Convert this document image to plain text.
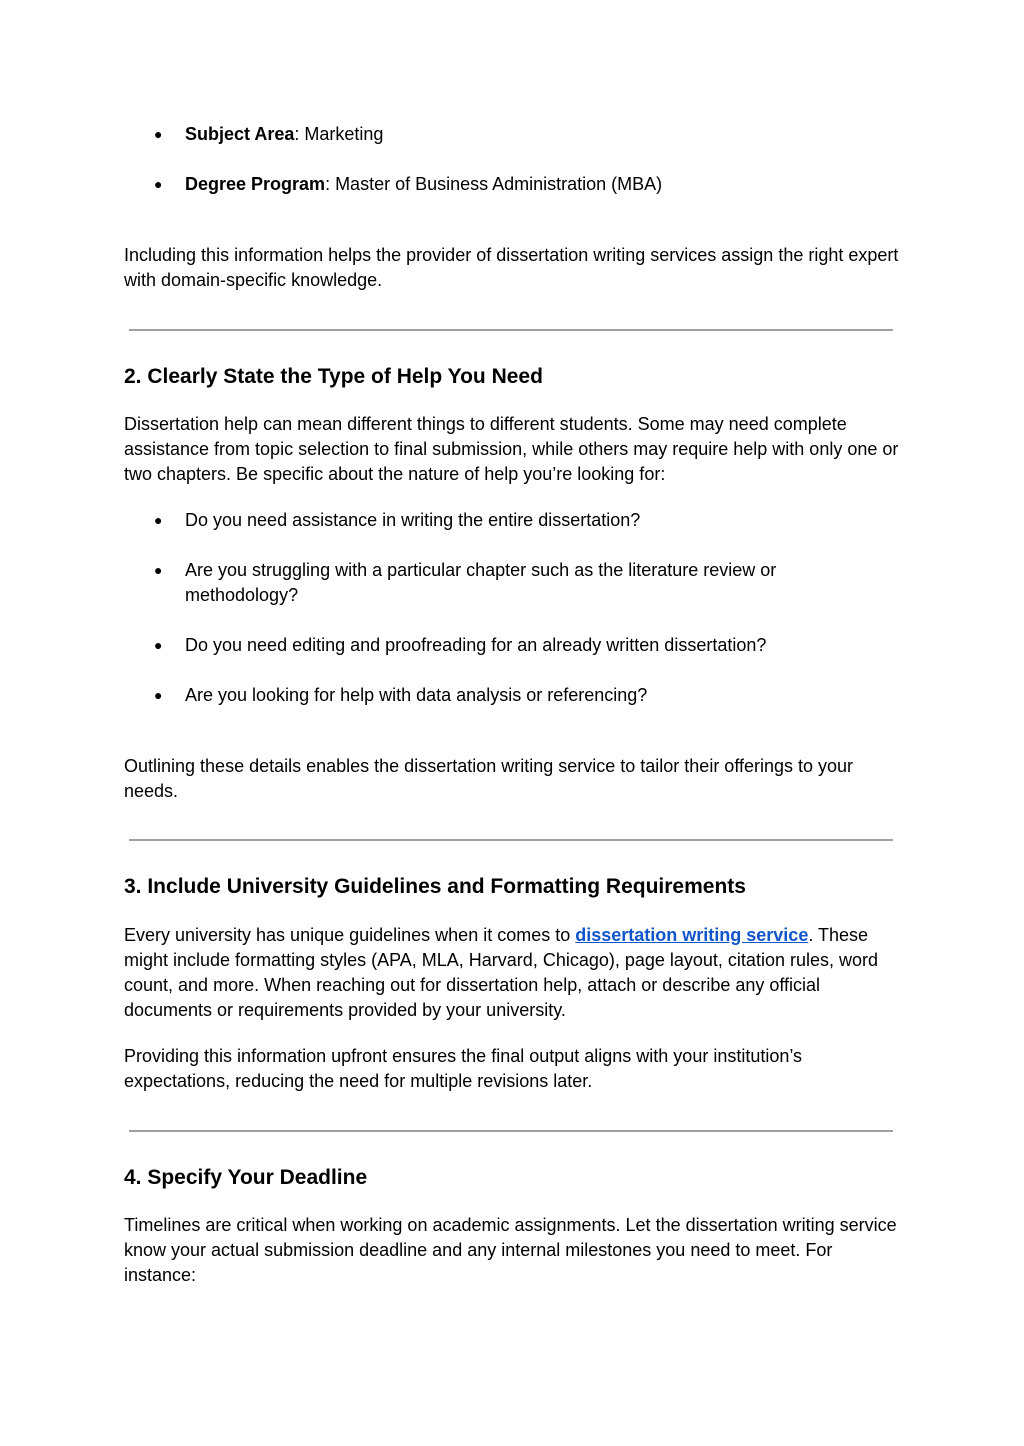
● Subject Area: Marketing
● Degree Program: Master of Business Administration (MBA)

Including this information helps the provider of dissertation writing services assign the right expert with domain-specific knowledge.

2. Clearly State the Type of Help You Need

Dissertation help can mean different things to different students. Some may need complete assistance from topic selection to final submission, while others may require help with only one or two chapters. Be specific about the nature of help you’re looking for:

● Do you need assistance in writing the entire dissertation?
● Are you struggling with a particular chapter such as the literature review or methodology?
● Do you need editing and proofreading for an already written dissertation?
● Are you looking for help with data analysis or referencing?

Outlining these details enables the dissertation writing service to tailor their offerings to your needs.

3. Include University Guidelines and Formatting Requirements

Every university has unique guidelines when it comes to dissertation writing service. These might include formatting styles (APA, MLA, Harvard, Chicago), page layout, citation rules, word count, and more. When reaching out for dissertation help, attach or describe any official documents or requirements provided by your university.

Providing this information upfront ensures the final output aligns with your institution’s expectations, reducing the need for multiple revisions later.

4. Specify Your Deadline

Timelines are critical when working on academic assignments. Let the dissertation writing service know your actual submission deadline and any internal milestones you need to meet. For instance:
